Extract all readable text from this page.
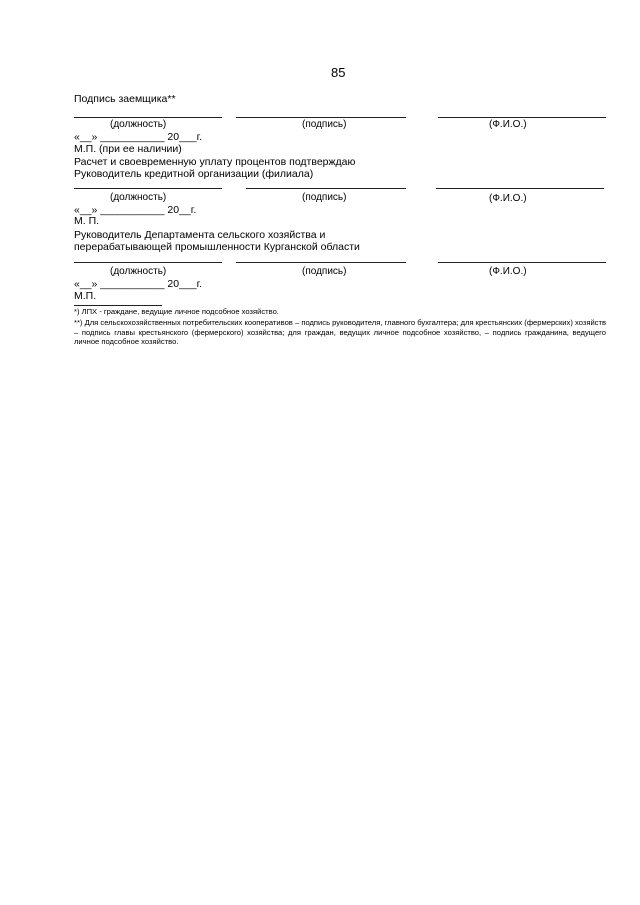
85
Подпись заемщика**
(должность)	(подпись)	(Ф.И.О.)
«__» ___________ 20___г.
М.П. (при ее наличии)
Расчет и своевременную уплату процентов подтверждаю
Руководитель кредитной организации (филиала)
(должность)	(подпись)	(Ф.И.О.)
«__» ___________ 20__г.
М. П.
Руководитель Департамента сельского хозяйства и
перерабатывающей промышленности Курганской области
(должность)	(подпись)	(Ф.И.О.)
«__» ___________ 20___г.
М.П.
*) ЛПХ - граждане, ведущие личное подсобное хозяйство.
**) Для сельскохозяйственных потребительских кооперативов – подпись руководителя, главного бухгалтера; для крестьянских (фермерских) хозяйств – подпись главы крестьянского (фермерского) хозяйства; для граждан, ведущих личное подсобное хозяйство, – подпись гражданина, ведущего личное подсобное хозяйство.
